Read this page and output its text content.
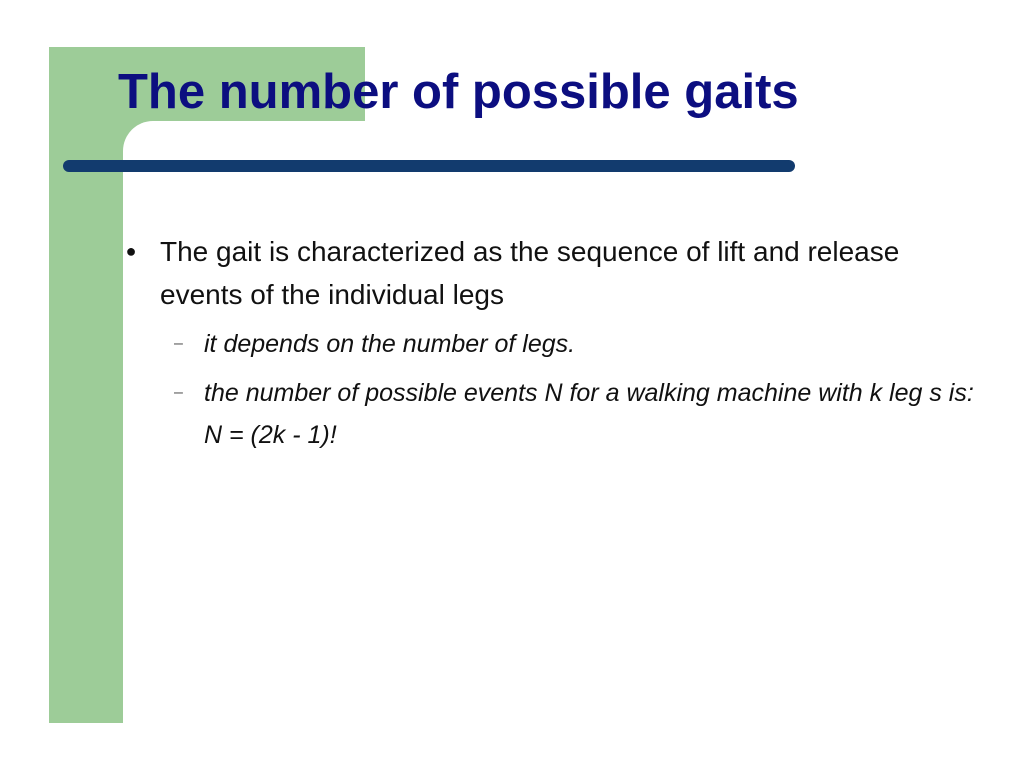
The number of possible gaits
● The gait is characterized as the sequence of lift and release events of the individual legs
– it depends on the number of legs.
– the number of possible events N for a walking machine with k leg s is:
N = (2k - 1)!
